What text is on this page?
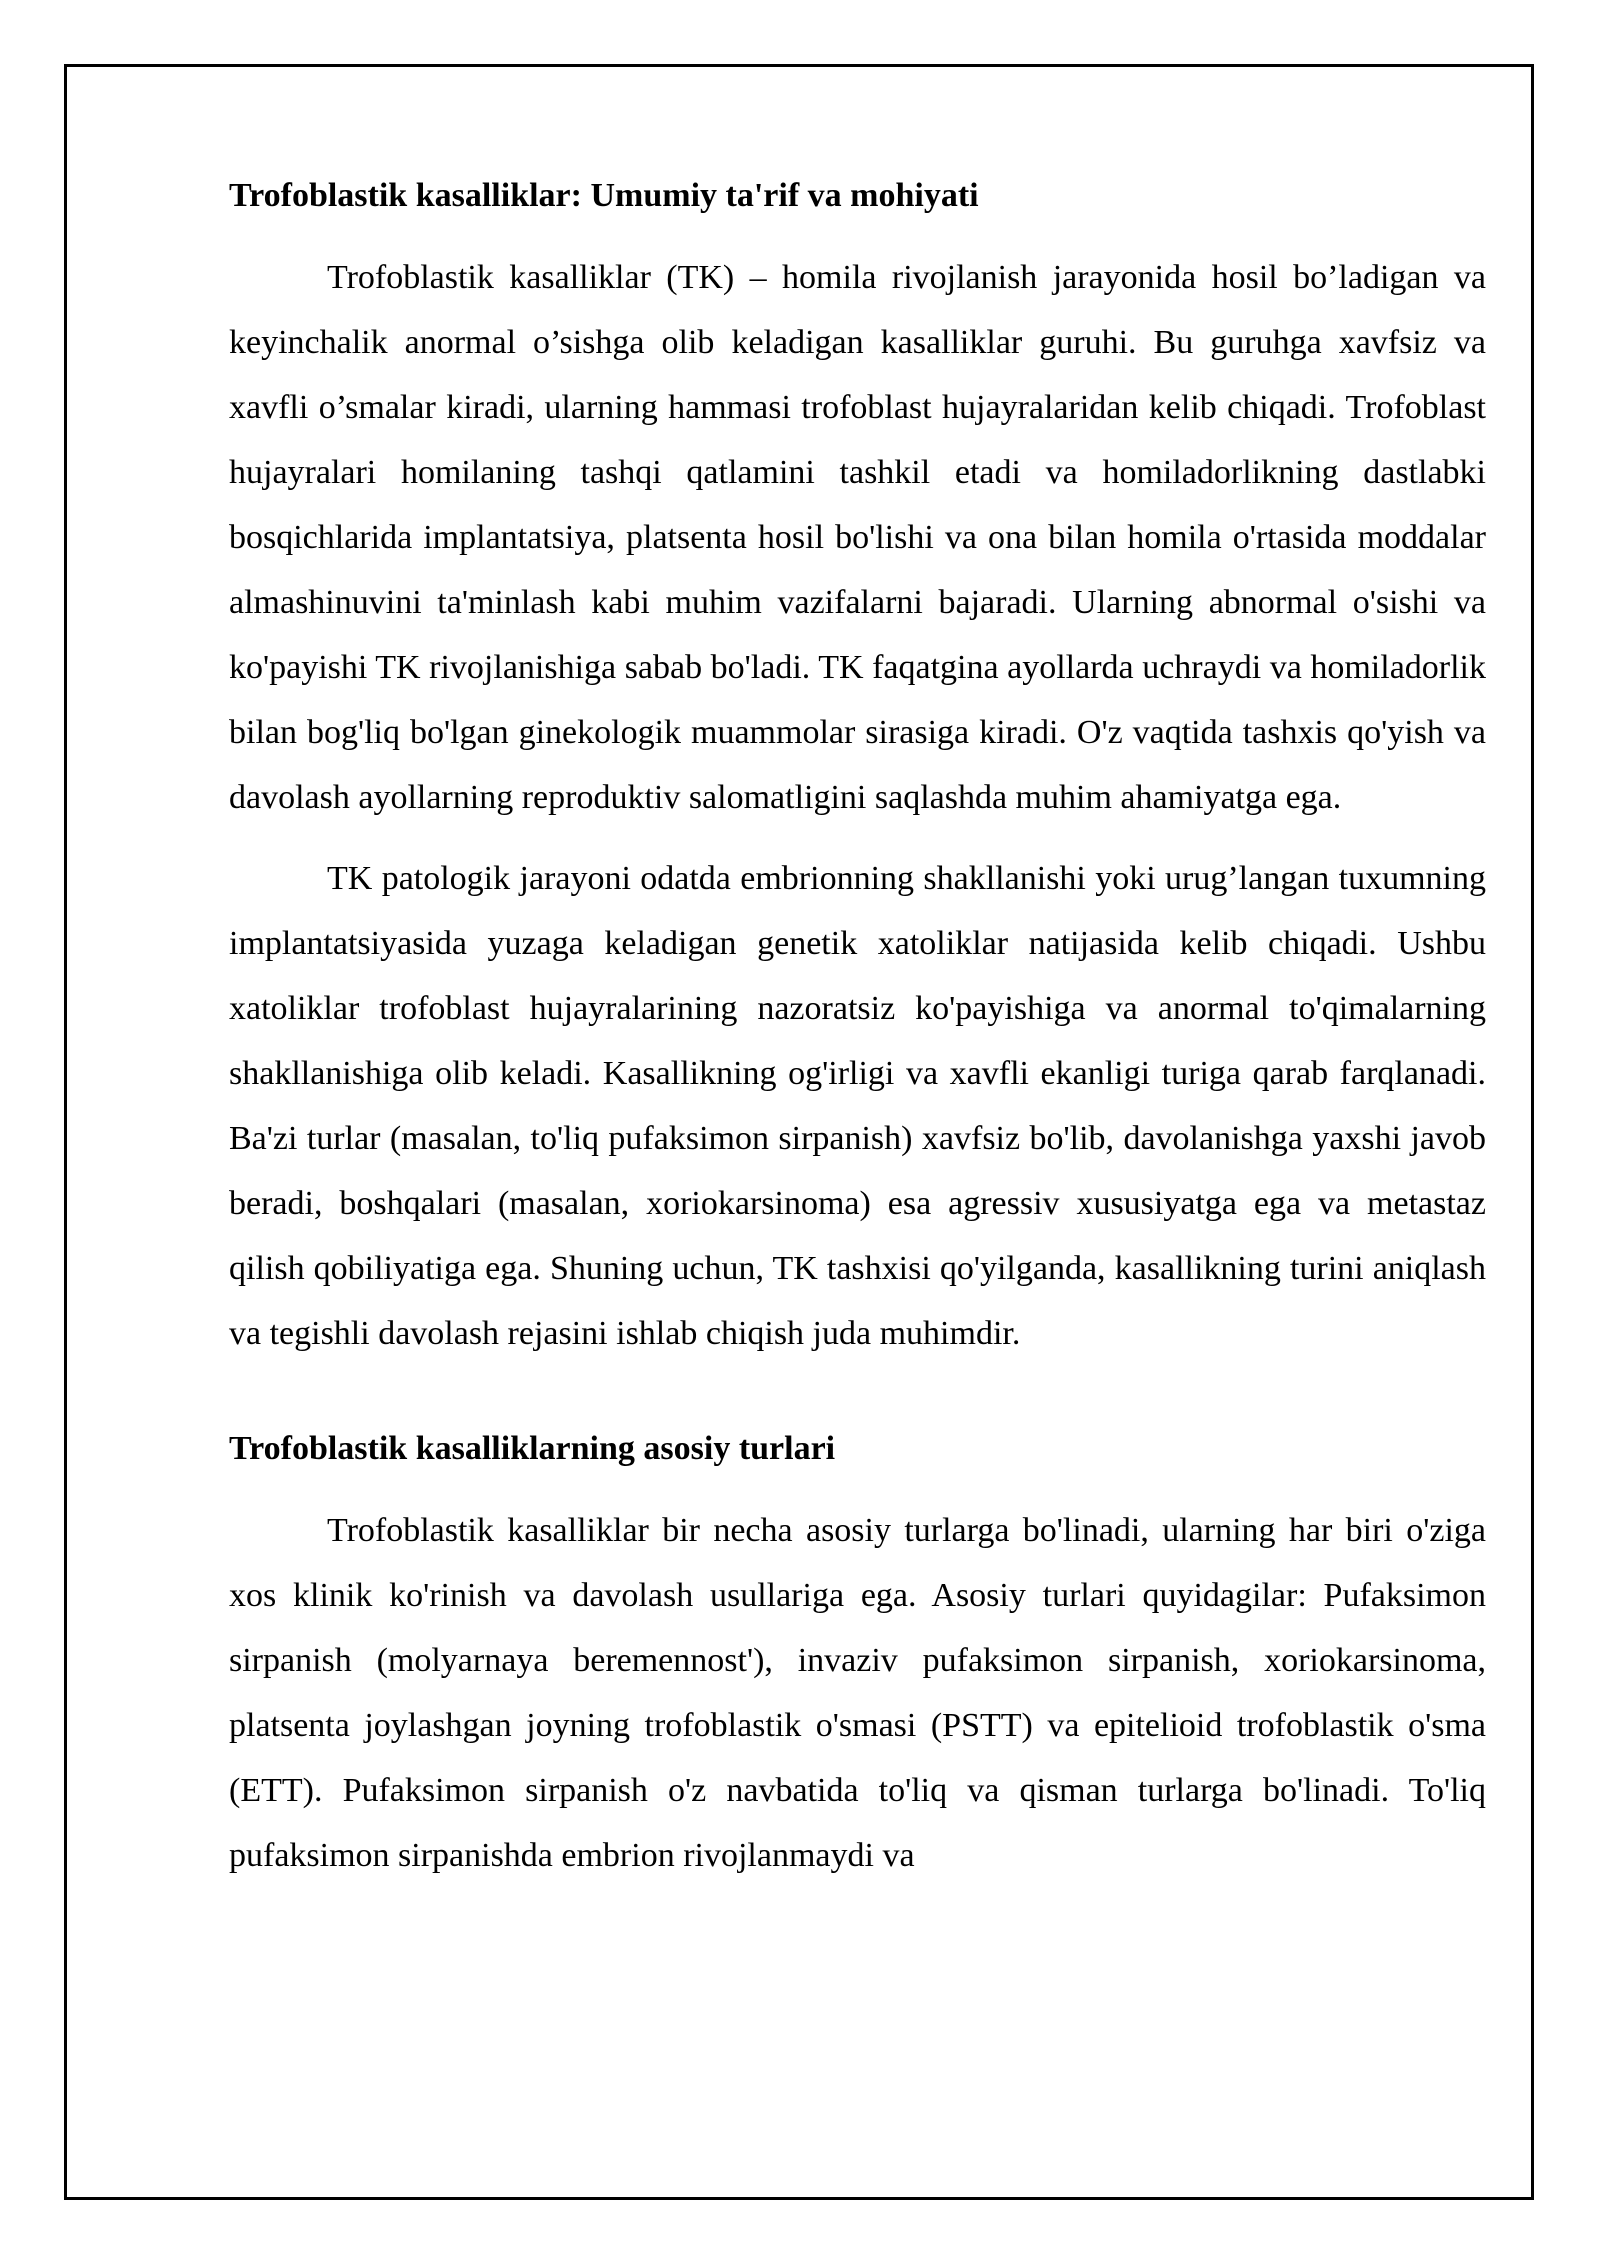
Trofoblastik kasalliklar: Umumiy ta'rif va mohiyati

Trofoblastik kasalliklar (TK) – homila rivojlanish jarayonida hosil bo’ladigan va keyinchalik anormal o’sishga olib keladigan kasalliklar guruhi. Bu guruhga xavfsiz va xavfli o’smalar kiradi, ularning hammasi trofoblast hujayralaridan kelib chiqadi. Trofoblast hujayralari homilaning tashqi qatlamini tashkil etadi va homiladorlikning dastlabki bosqichlarida implantatsiya, platsenta hosil bo'lishi va ona bilan homila o'rtasida moddalar almashinuvini ta'minlash kabi muhim vazifalarni bajaradi. Ularning abnormal o'sishi va ko'payishi TK rivojlanishiga sabab bo'ladi. TK faqatgina ayollarda uchraydi va homiladorlik bilan bog'liq bo'lgan ginekologik muammolar sirasiga kiradi. O'z vaqtida tashxis qo'yish va davolash ayollarning reproduktiv salomatligini saqlashda muhim ahamiyatga ega.

TK patologik jarayoni odatda embrionning shakllanishi yoki urug’langan tuxumning implantatsiyasida yuzaga keladigan genetik xatoliklar natijasida kelib chiqadi. Ushbu xatoliklar trofoblast hujayralarining nazoratsiz ko'payishiga va anormal to'qimalarning shakllanishiga olib keladi. Kasallikning og'irligi va xavfli ekanligi turiga qarab farqlanadi. Ba'zi turlar (masalan, to'liq pufaksimon sirpanish) xavfsiz bo'lib, davolanishga yaxshi javob beradi, boshqalari (masalan, xoriokarsinoma) esa agressiv xususiyatga ega va metastaz qilish qobiliyatiga ega. Shuning uchun, TK tashxisi qo'yilganda, kasallikning turini aniqlash va tegishli davolash rejasini ishlab chiqish juda muhimdir.

Trofoblastik kasalliklarning asosiy turlari

Trofoblastik kasalliklar bir necha asosiy turlarga bo'linadi, ularning har biri o'ziga xos klinik ko'rinish va davolash usullariga ega. Asosiy turlari quyidagilar: Pufaksimon sirpanish (molyarnaya beremennost'), invaziv pufaksimon sirpanish, xoriokarsinoma, platsenta joylashgan joyning trofoblastik o'smasi (PSTT) va epitelioid trofoblastik o'sma (ETT). Pufaksimon sirpanish o'z navbatida to'liq va qisman turlarga bo'linadi. To'liq pufaksimon sirpanishda embrion rivojlanmaydi va
